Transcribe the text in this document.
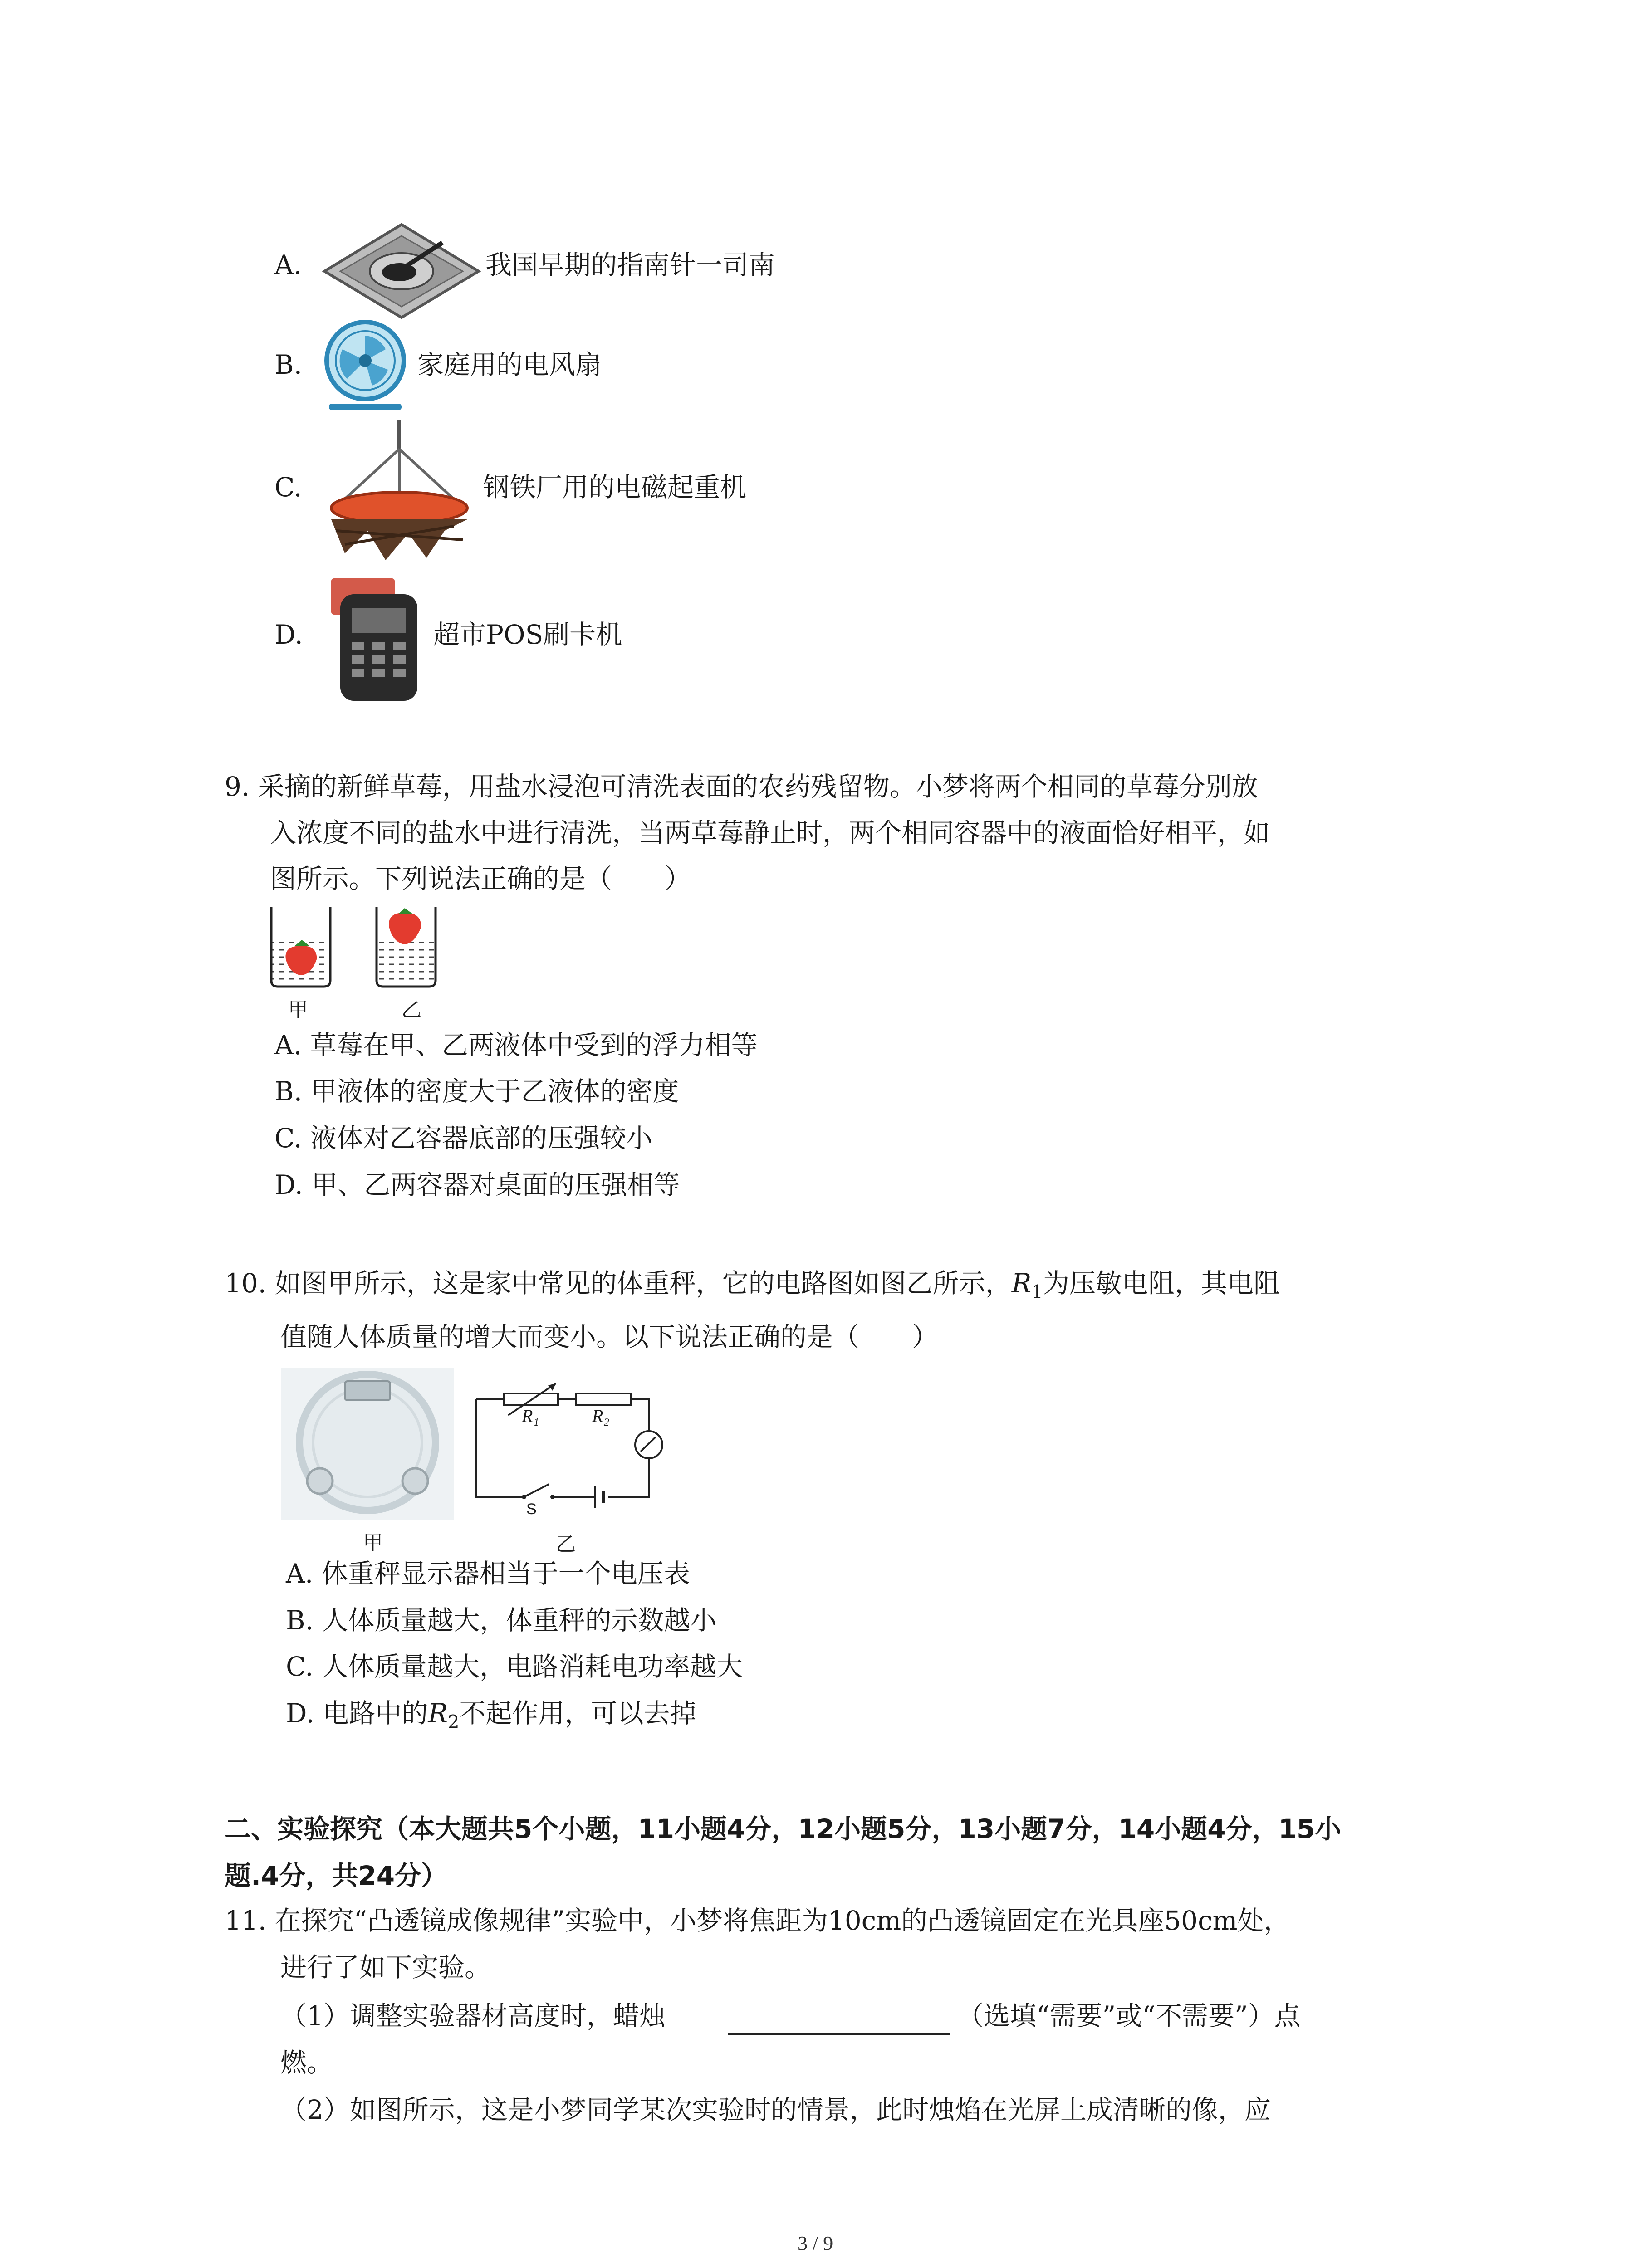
A.	我国早期的指南针一司南
B.	家庭用的电风扇
C.	钢铁厂用的电磁起重机
D.	超市POS刷卡机
9. 采摘的新鲜草莓，用盐水浸泡可清洗表面的农药残留物。小梦将两个相同的草莓分别放
入浓度不同的盐水中进行清洗，当两草莓静止时，两个相同容器中的液面恰好相平，如
图所示。下列说法正确的是（　　）
甲	乙
A. 草莓在甲、乙两液体中受到的浮力相等
B. 甲液体的密度大于乙液体的密度
C. 液体对乙容器底部的压强较小
D. 甲、乙两容器对桌面的压强相等
10. 如图甲所示，这是家中常见的体重秤，它的电路图如图乙所示，$R_1$为压敏电阻，其电阻
值随人体质量的增大而变小。以下说法正确的是（　　）
甲
R₁	R₂
S
乙
A. 体重秤显示器相当于一个电压表
B. 人体质量越大，体重秤的示数越小
C. 人体质量越大，电路消耗电功率越大
D. 电路中的$R_2$不起作用，可以去掉
二、实验探究（本大题共5个小题，11小题4分，12小题5分，13小题7分，14小题4分，15小
题.4分，共24分）
11. 在探究“凸透镜成像规律”实验中，小梦将焦距为10cm的凸透镜固定在光具座50cm处，
进行了如下实验。
（1）调整实验器材高度时，蜡烛	（选填“需要”或“不需要”）点
燃。
（2）如图所示，这是小梦同学某次实验时的情景，此时烛焰在光屏上成清晰的像，应
3 / 9
